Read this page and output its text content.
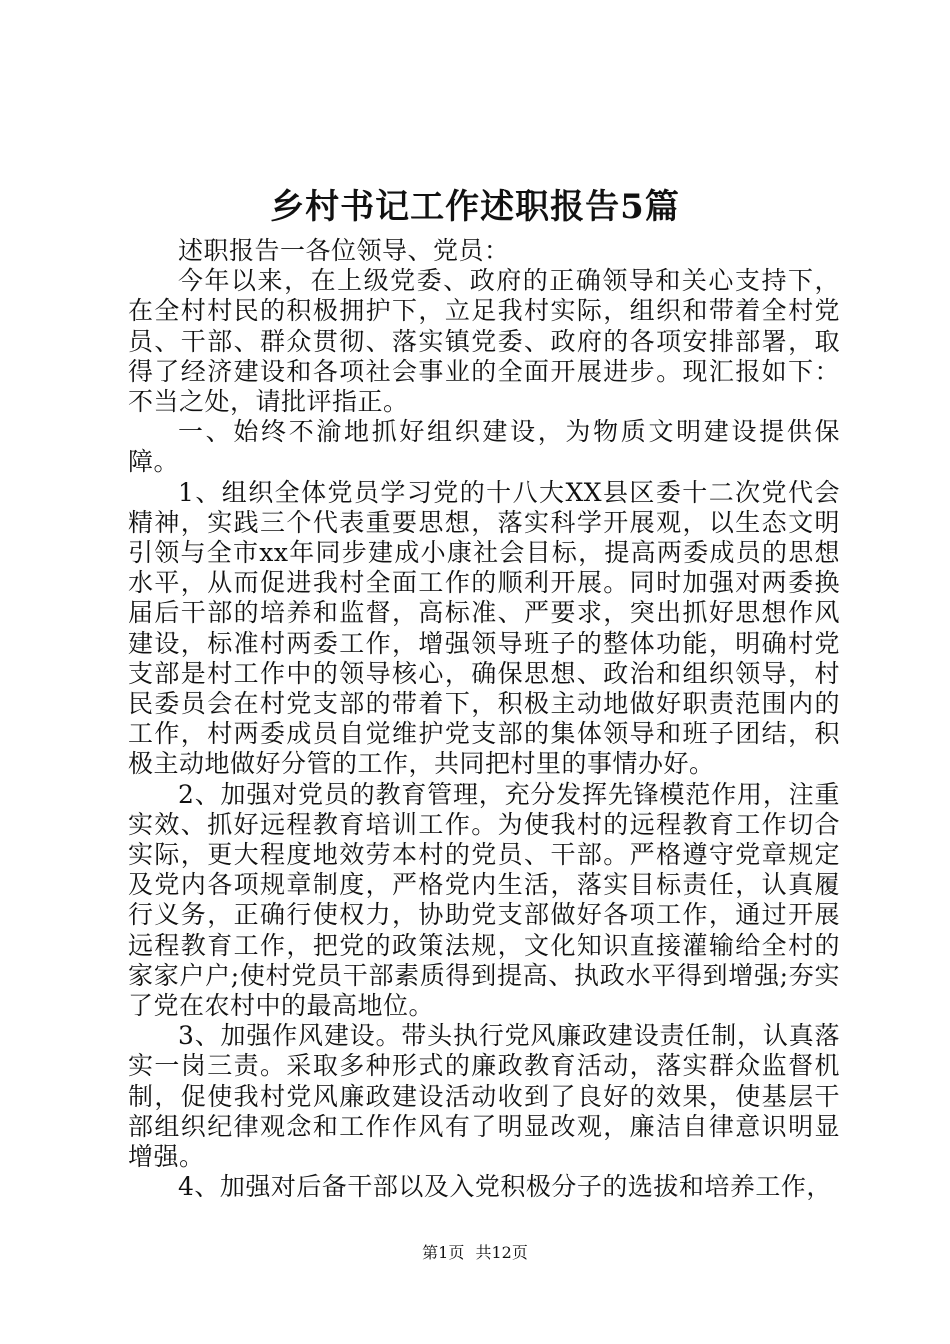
乡村书记工作述职报告5篇

述职报告一各位领导、党员：

今年以来，在上级党委、政府的正确领导和关心支持下，在全村村民的积极拥护下，立足我村实际，组织和带着全村党员、干部、群众贯彻、落实镇党委、政府的各项安排部署，取得了经济建设和各项社会事业的全面开展进步。现汇报如下：不当之处，请批评指正。

一、始终不渝地抓好组织建设，为物质文明建设提供保障。

1、组织全体党员学习党的十八大XX县区委十二次党代会精神，实践三个代表重要思想，落实科学开展观，以生态文明引领与全市xx年同步建成小康社会目标，提高两委成员的思想水平，从而促进我村全面工作的顺利开展。同时加强对两委换届后干部的培养和监督，高标准、严要求，突出抓好思想作风建设，标准村两委工作，增强领导班子的整体功能，明确村党支部是村工作中的领导核心，确保思想、政治和组织领导，村民委员会在村党支部的带着下，积极主动地做好职责范围内的工作，村两委成员自觉维护党支部的集体领导和班子团结，积极主动地做好分管的工作，共同把村里的事情办好。

2、加强对党员的教育管理，充分发挥先锋模范作用，注重实效、抓好远程教育培训工作。为使我村的远程教育工作切合实际，更大程度地效劳本村的党员、干部。严格遵守党章规定及党内各项规章制度，严格党内生活，落实目标责任，认真履行义务，正确行使权力，协助党支部做好各项工作，通过开展远程教育工作，把党的政策法规，文化知识直接灌输给全村的家家户户;使村党员干部素质得到提高、执政水平得到增强;夯实了党在农村中的最高地位。

3、加强作风建设。带头执行党风廉政建设责任制，认真落实一岗三责。采取多种形式的廉政教育活动，落实群众监督机制，促使我村党风廉政建设活动收到了良好的效果，使基层干部组织纪律观念和工作作风有了明显改观，廉洁自律意识明显增强。

4、加强对后备干部以及入党积极分子的选拔和培养工作，

第1页 共12页
